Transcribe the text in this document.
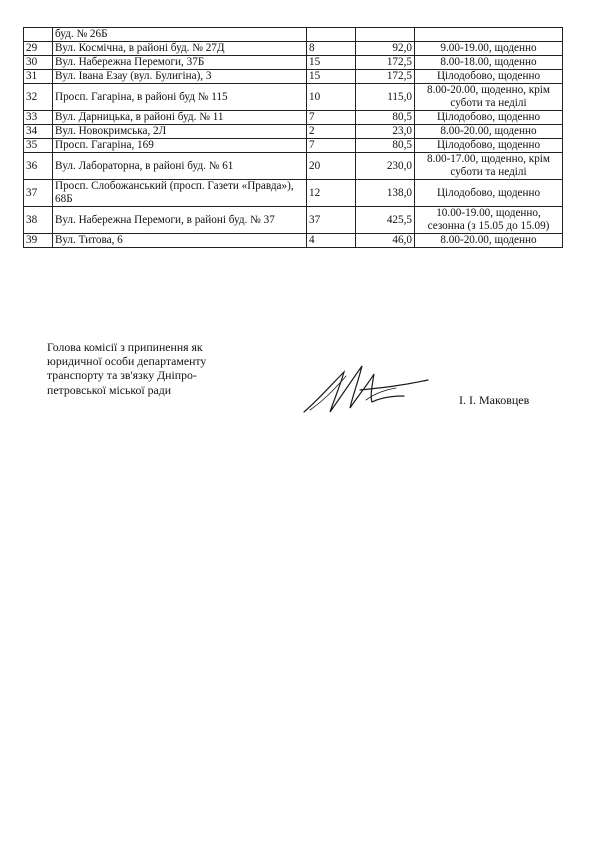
	буд. № 26Б			
29	Вул. Космічна, в районі буд. № 27Д	8	92,0	9.00-19.00, щоденно
30	Вул. Набережна Перемоги, 37Б	15	172,5	8.00-18.00, щоденно
31	Вул. Івана Езау (вул. Булигіна), 3	15	172,5	Цілодобово, щоденно
32	Просп. Гагаріна, в районі буд № 115	10	115,0	8.00-20.00, щоденно, крім суботи та неділі
33	Вул. Дарницька, в районі буд. № 11	7	80,5	Цілодобово, щоденно
34	Вул. Новокримська, 2Л	2	23,0	8.00-20.00, щоденно
35	Просп. Гагаріна, 169	7	80,5	Цілодобово, щоденно
36	Вул. Лабораторна, в районі буд. № 61	20	230,0	8.00-17.00, щоденно, крім суботи та неділі
37	Просп. Слобожанський (просп. Газети «Правда»), 68Б	12	138,0	Цілодобово, щоденно
38	Вул. Набережна Перемоги, в районі буд. № 37	37	425,5	10.00-19.00, щоденно, сезонна (з 15.05 до 15.09)
39	Вул. Титова, 6	4	46,0	8.00-20.00, щоденно
Голова комісії з припинення як
юридичної особи департаменту
транспорту та зв'язку Дніпро-
петровської міської ради
І. І. Маковцев
